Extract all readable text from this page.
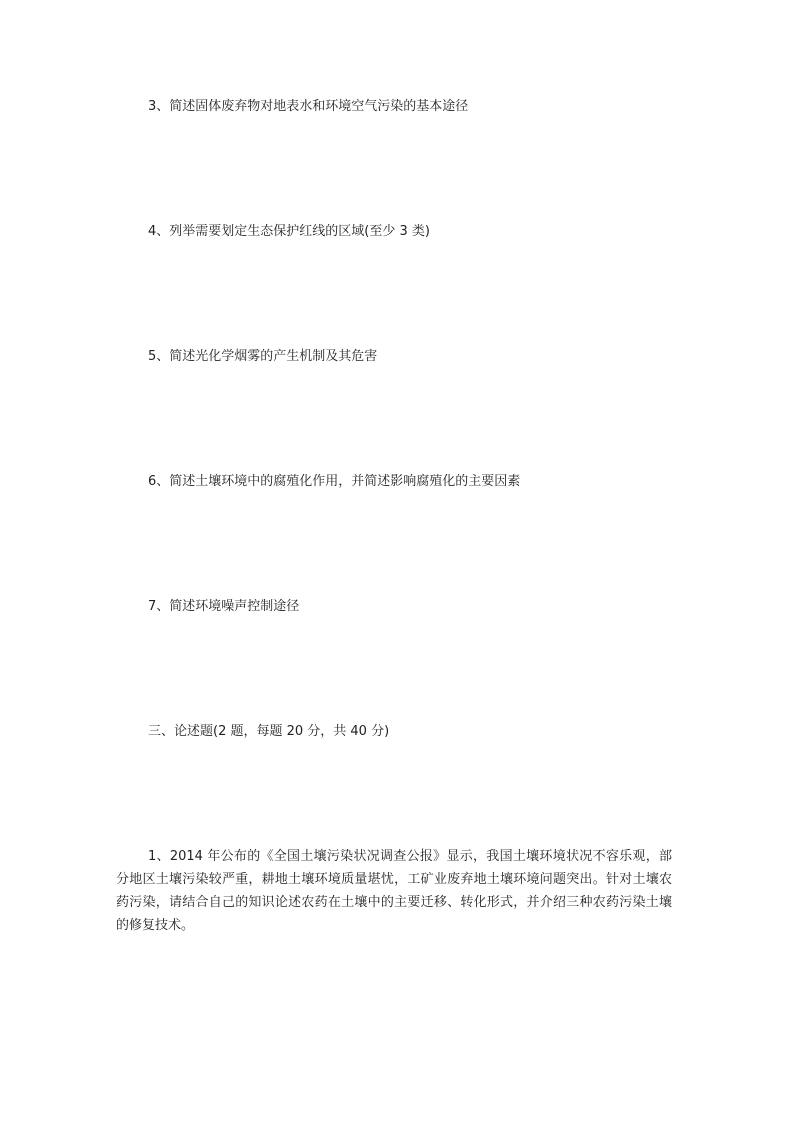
3、简述固体废弃物对地表水和环境空气污染的基本途径
4、列举需要划定生态保护红线的区域(至少 3 类)
5、简述光化学烟雾的产生机制及其危害
6、简述土壤环境中的腐殖化作用，并简述影响腐殖化的主要因素
7、简述环境噪声控制途径
三、论述题(2 题，每题 20 分，共 40 分)
1、2014 年公布的《全国土壤污染状况调查公报》显示，我国土壤环境状况不容乐观，部分地区土壤污染较严重，耕地土壤环境质量堪忧，工矿业废弃地土壤环境问题突出。针对土壤农药污染，请结合自己的知识论述农药在土壤中的主要迁移、转化形式，并介绍三种农药污染土壤的修复技术。
